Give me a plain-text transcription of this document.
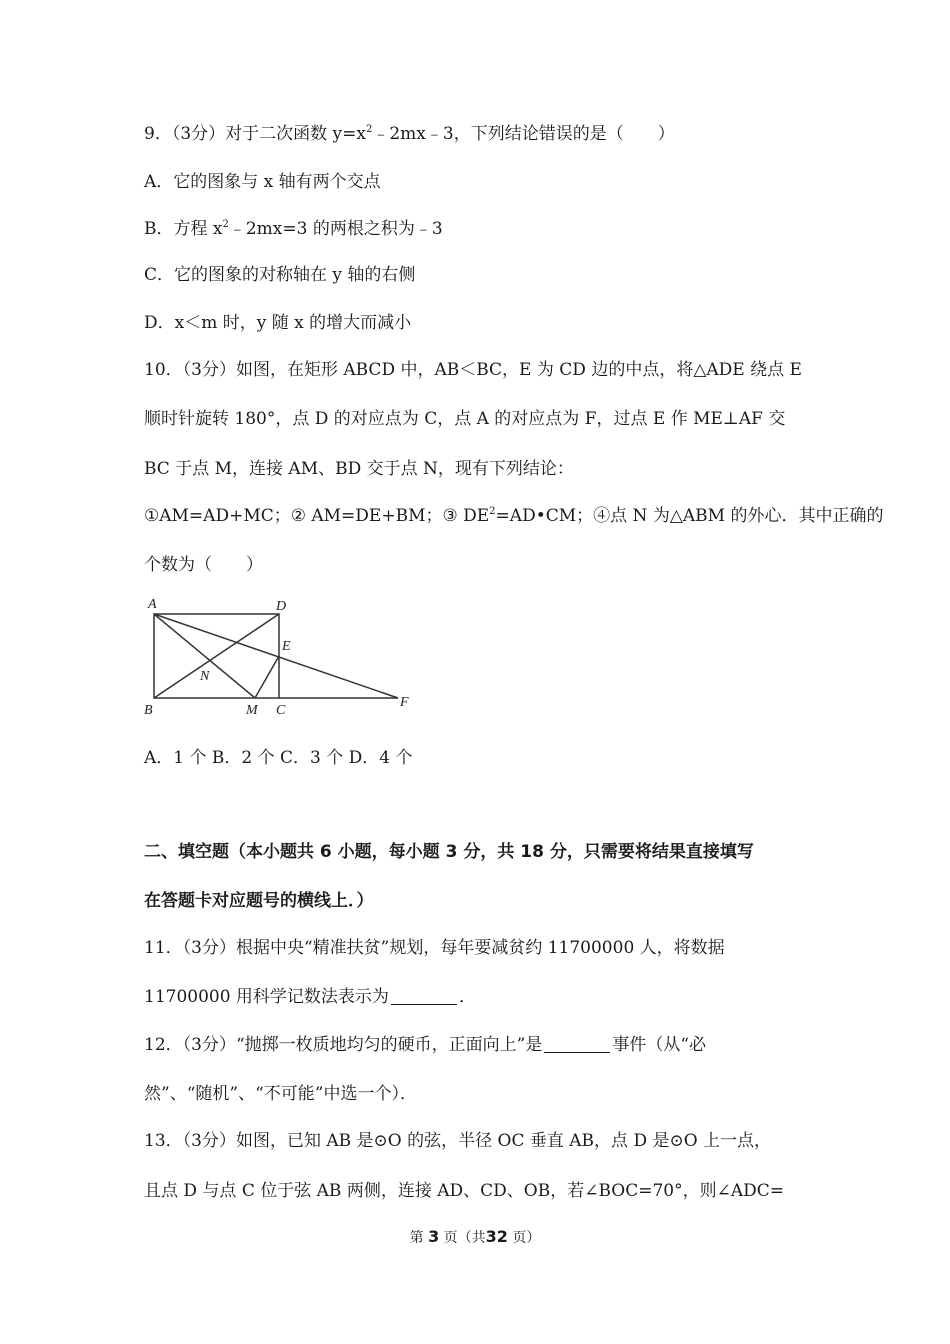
9．（3分）对于二次函数 $y=x^2﹣2mx﹣3$，下列结论错误的是（　　）
A．它的图象与 x 轴有两个交点
B．方程 $x^2﹣2mx=3$ 的两根之积为﹣3
C．它的图象的对称轴在 y 轴的右侧
D．x＜m 时，y 随 x 的增大而减小
10．（3分）如图，在矩形 ABCD 中，AB＜BC，E 为 CD 边的中点，将△ADE 绕点 E
顺时针旋转 180°，点 D 的对应点为 C，点 A 的对应点为 F，过点 E 作 ME⊥AF 交
BC 于点 M，连接 AM、BD 交于点 N，现有下列结论：
①AM=AD+MC；② AM=DE+BM；③ $DE^2=AD•CM$；④点 N 为△ABM 的外心．其中正确的
个数为（　　）
A	D
E
N
B	M C
F
A．1 个 B．2 个 C．3 个 D．4 个
二、填空题（本小题共 6 小题，每小题 3 分，共 18 分，只需要将结果直接填写
在答题卡对应题号的横线上．）
11．（3分）根据中央“精准扶贫”规划，每年要减贫约 11700000 人，将数据
11700000 用科学记数法表示为	．
12．（3分）“抛掷一枚质地均匀的硬币，正面向上”是	事件（从“必
然”、“随机”、“不可能”中选一个）．
13．（3分）如图，已知 AB 是⊙O 的弦，半径 OC 垂直 AB，点 D 是⊙O 上一点，
且点 D 与点 C 位于弦 AB 两侧，连接 AD、CD、OB，若∠BOC=70°，则∠ADC=
第 3 页（共32 页）
